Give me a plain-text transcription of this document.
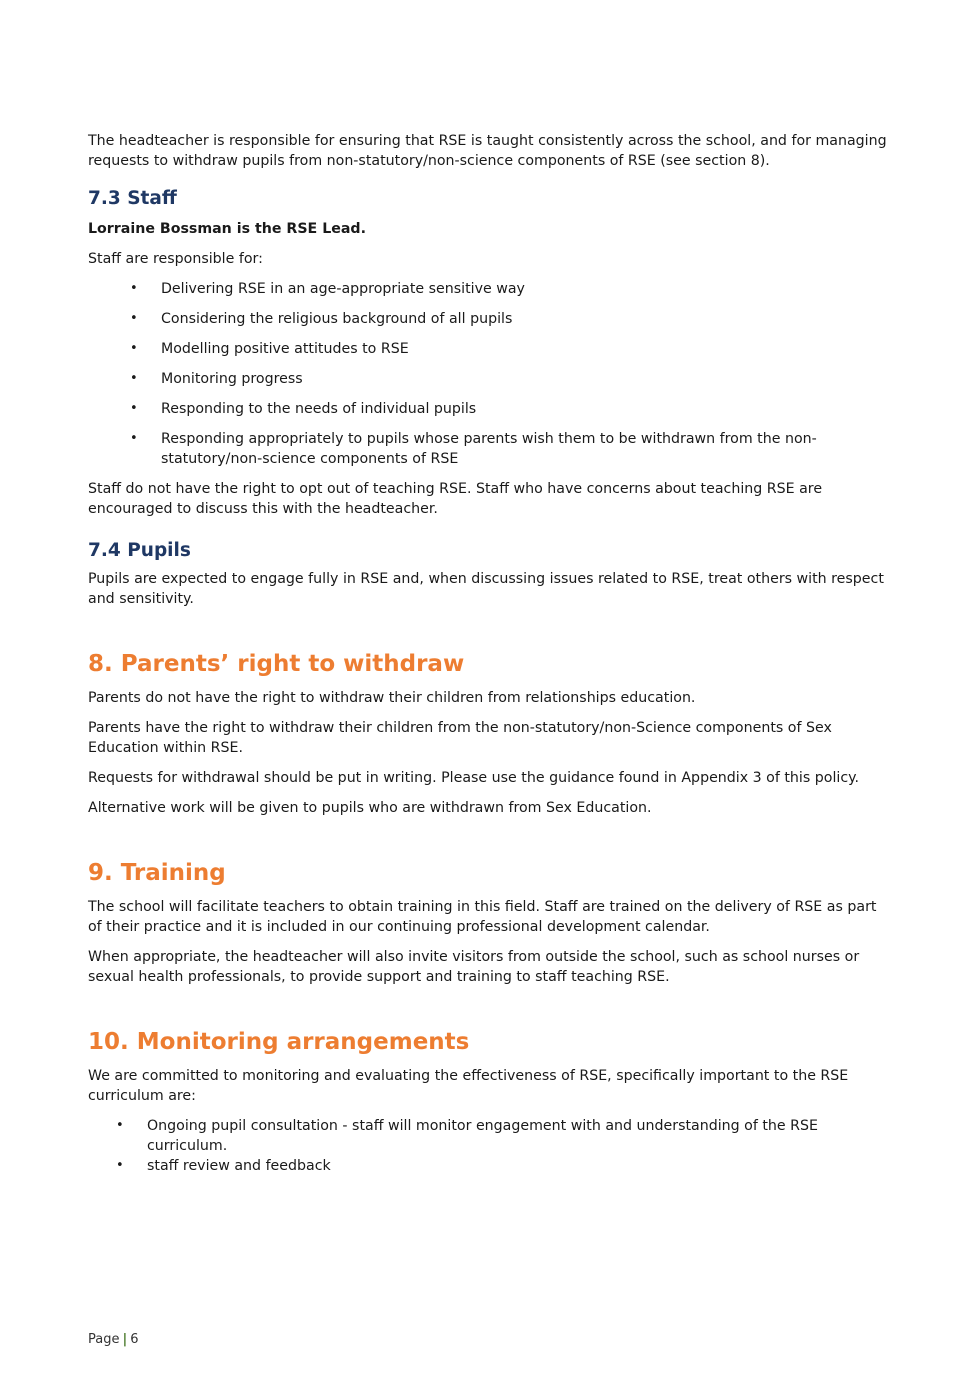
The headteacher is responsible for ensuring that RSE is taught consistently across the school, and for managing requests to withdraw pupils from non-statutory/non-science components of RSE (see section 8).

7.3 Staff

Lorraine Bossman is the RSE Lead.

Staff are responsible for:

• Delivering RSE in an age-appropriate sensitive way
• Considering the religious background of all pupils
• Modelling positive attitudes to RSE
• Monitoring progress
• Responding to the needs of individual pupils
• Responding appropriately to pupils whose parents wish them to be withdrawn from the non-statutory/non-science components of RSE

Staff do not have the right to opt out of teaching RSE. Staff who have concerns about teaching RSE are encouraged to discuss this with the headteacher.

7.4 Pupils

Pupils are expected to engage fully in RSE and, when discussing issues related to RSE, treat others with respect and sensitivity.

8. Parents’ right to withdraw

Parents do not have the right to withdraw their children from relationships education.

Parents have the right to withdraw their children from the non-statutory/non-Science components of Sex Education within RSE.

Requests for withdrawal should be put in writing. Please use the guidance found in Appendix 3 of this policy.

Alternative work will be given to pupils who are withdrawn from Sex Education.

9. Training

The school will facilitate teachers to obtain training in this field. Staff are trained on the delivery of RSE as part of their practice and it is included in our continuing professional development calendar.

When appropriate, the headteacher will also invite visitors from outside the school, such as school nurses or sexual health professionals, to provide support and training to staff teaching RSE.

10. Monitoring arrangements

We are committed to monitoring and evaluating the effectiveness of RSE, specifically important to the RSE curriculum are:

• Ongoing pupil consultation - staff will monitor engagement with and understanding of the RSE curriculum.
• staff review and feedback
Page | 6
